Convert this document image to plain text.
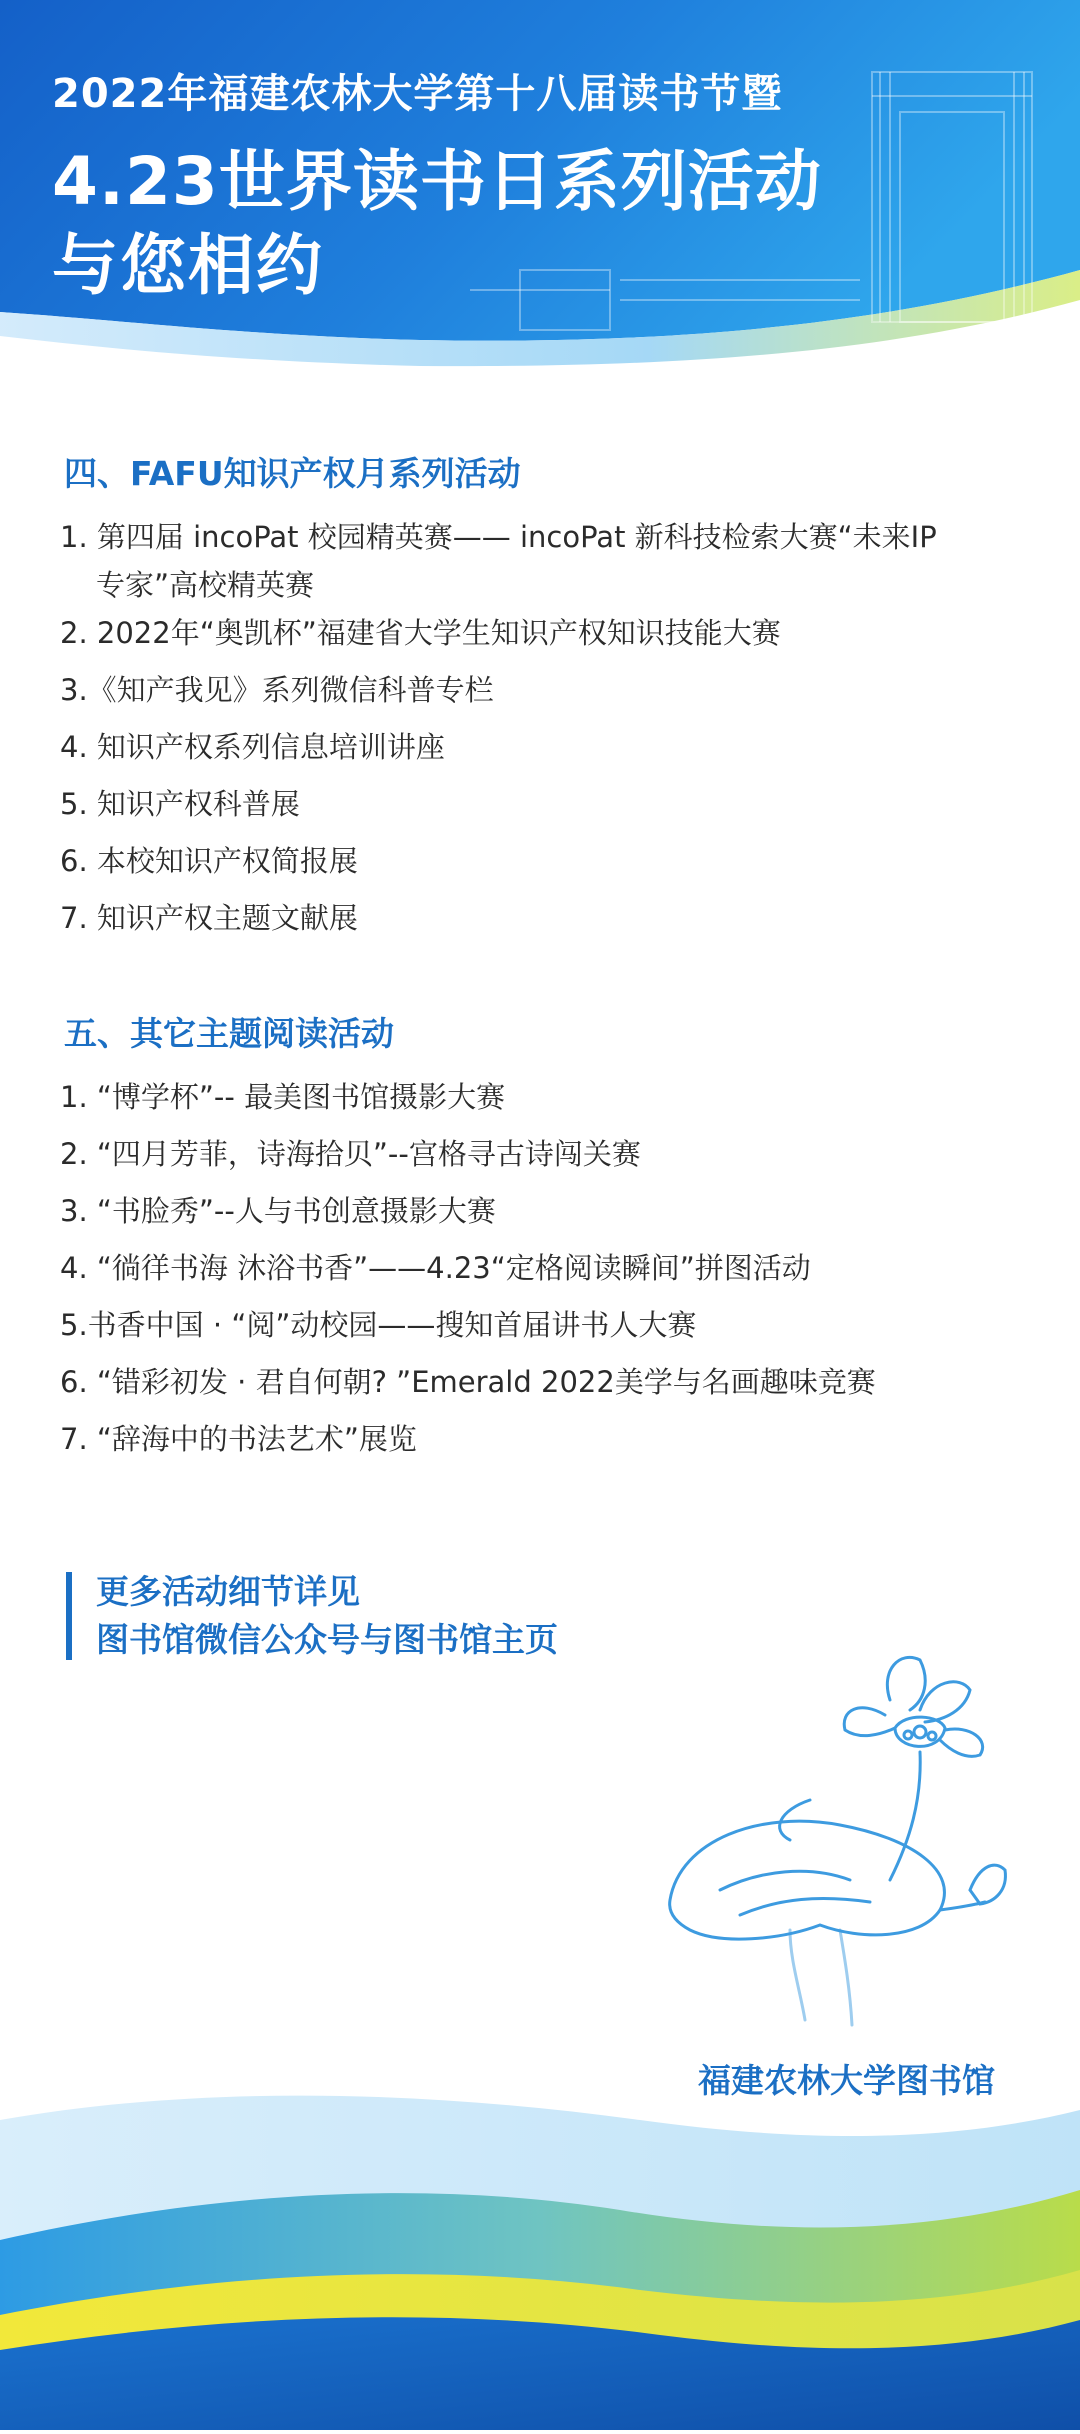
2022年福建农林大学第十八届读书节暨
4.23世界读书日系列活动
与您相约
四、FAFU知识产权月系列活动
1. 第四届 incoPat 校园精英赛—— incoPat 新科技检索大赛“未来IP
专家”高校精英赛
2. 2022年“奥凯杯”福建省大学生知识产权知识技能大赛
3.《知产我见》系列微信科普专栏
4. 知识产权系列信息培训讲座
5. 知识产权科普展
6. 本校知识产权简报展
7. 知识产权主题文献展
五、其它主题阅读活动
1. “博学杯”-- 最美图书馆摄影大赛
2. “四月芳菲，诗海拾贝”--宫格寻古诗闯关赛
3. “书脸秀”--人与书创意摄影大赛
4. “徜徉书海 沐浴书香”——4.23“定格阅读瞬间”拼图活动
5.书香中国 · “阅”动校园——搜知首届讲书人大赛
6. “错彩初发 · 君自何朝? ”Emerald 2022美学与名画趣味竞赛
7. “辞海中的书法艺术”展览
更多活动细节详见
图书馆微信公众号与图书馆主页
福建农林大学图书馆
